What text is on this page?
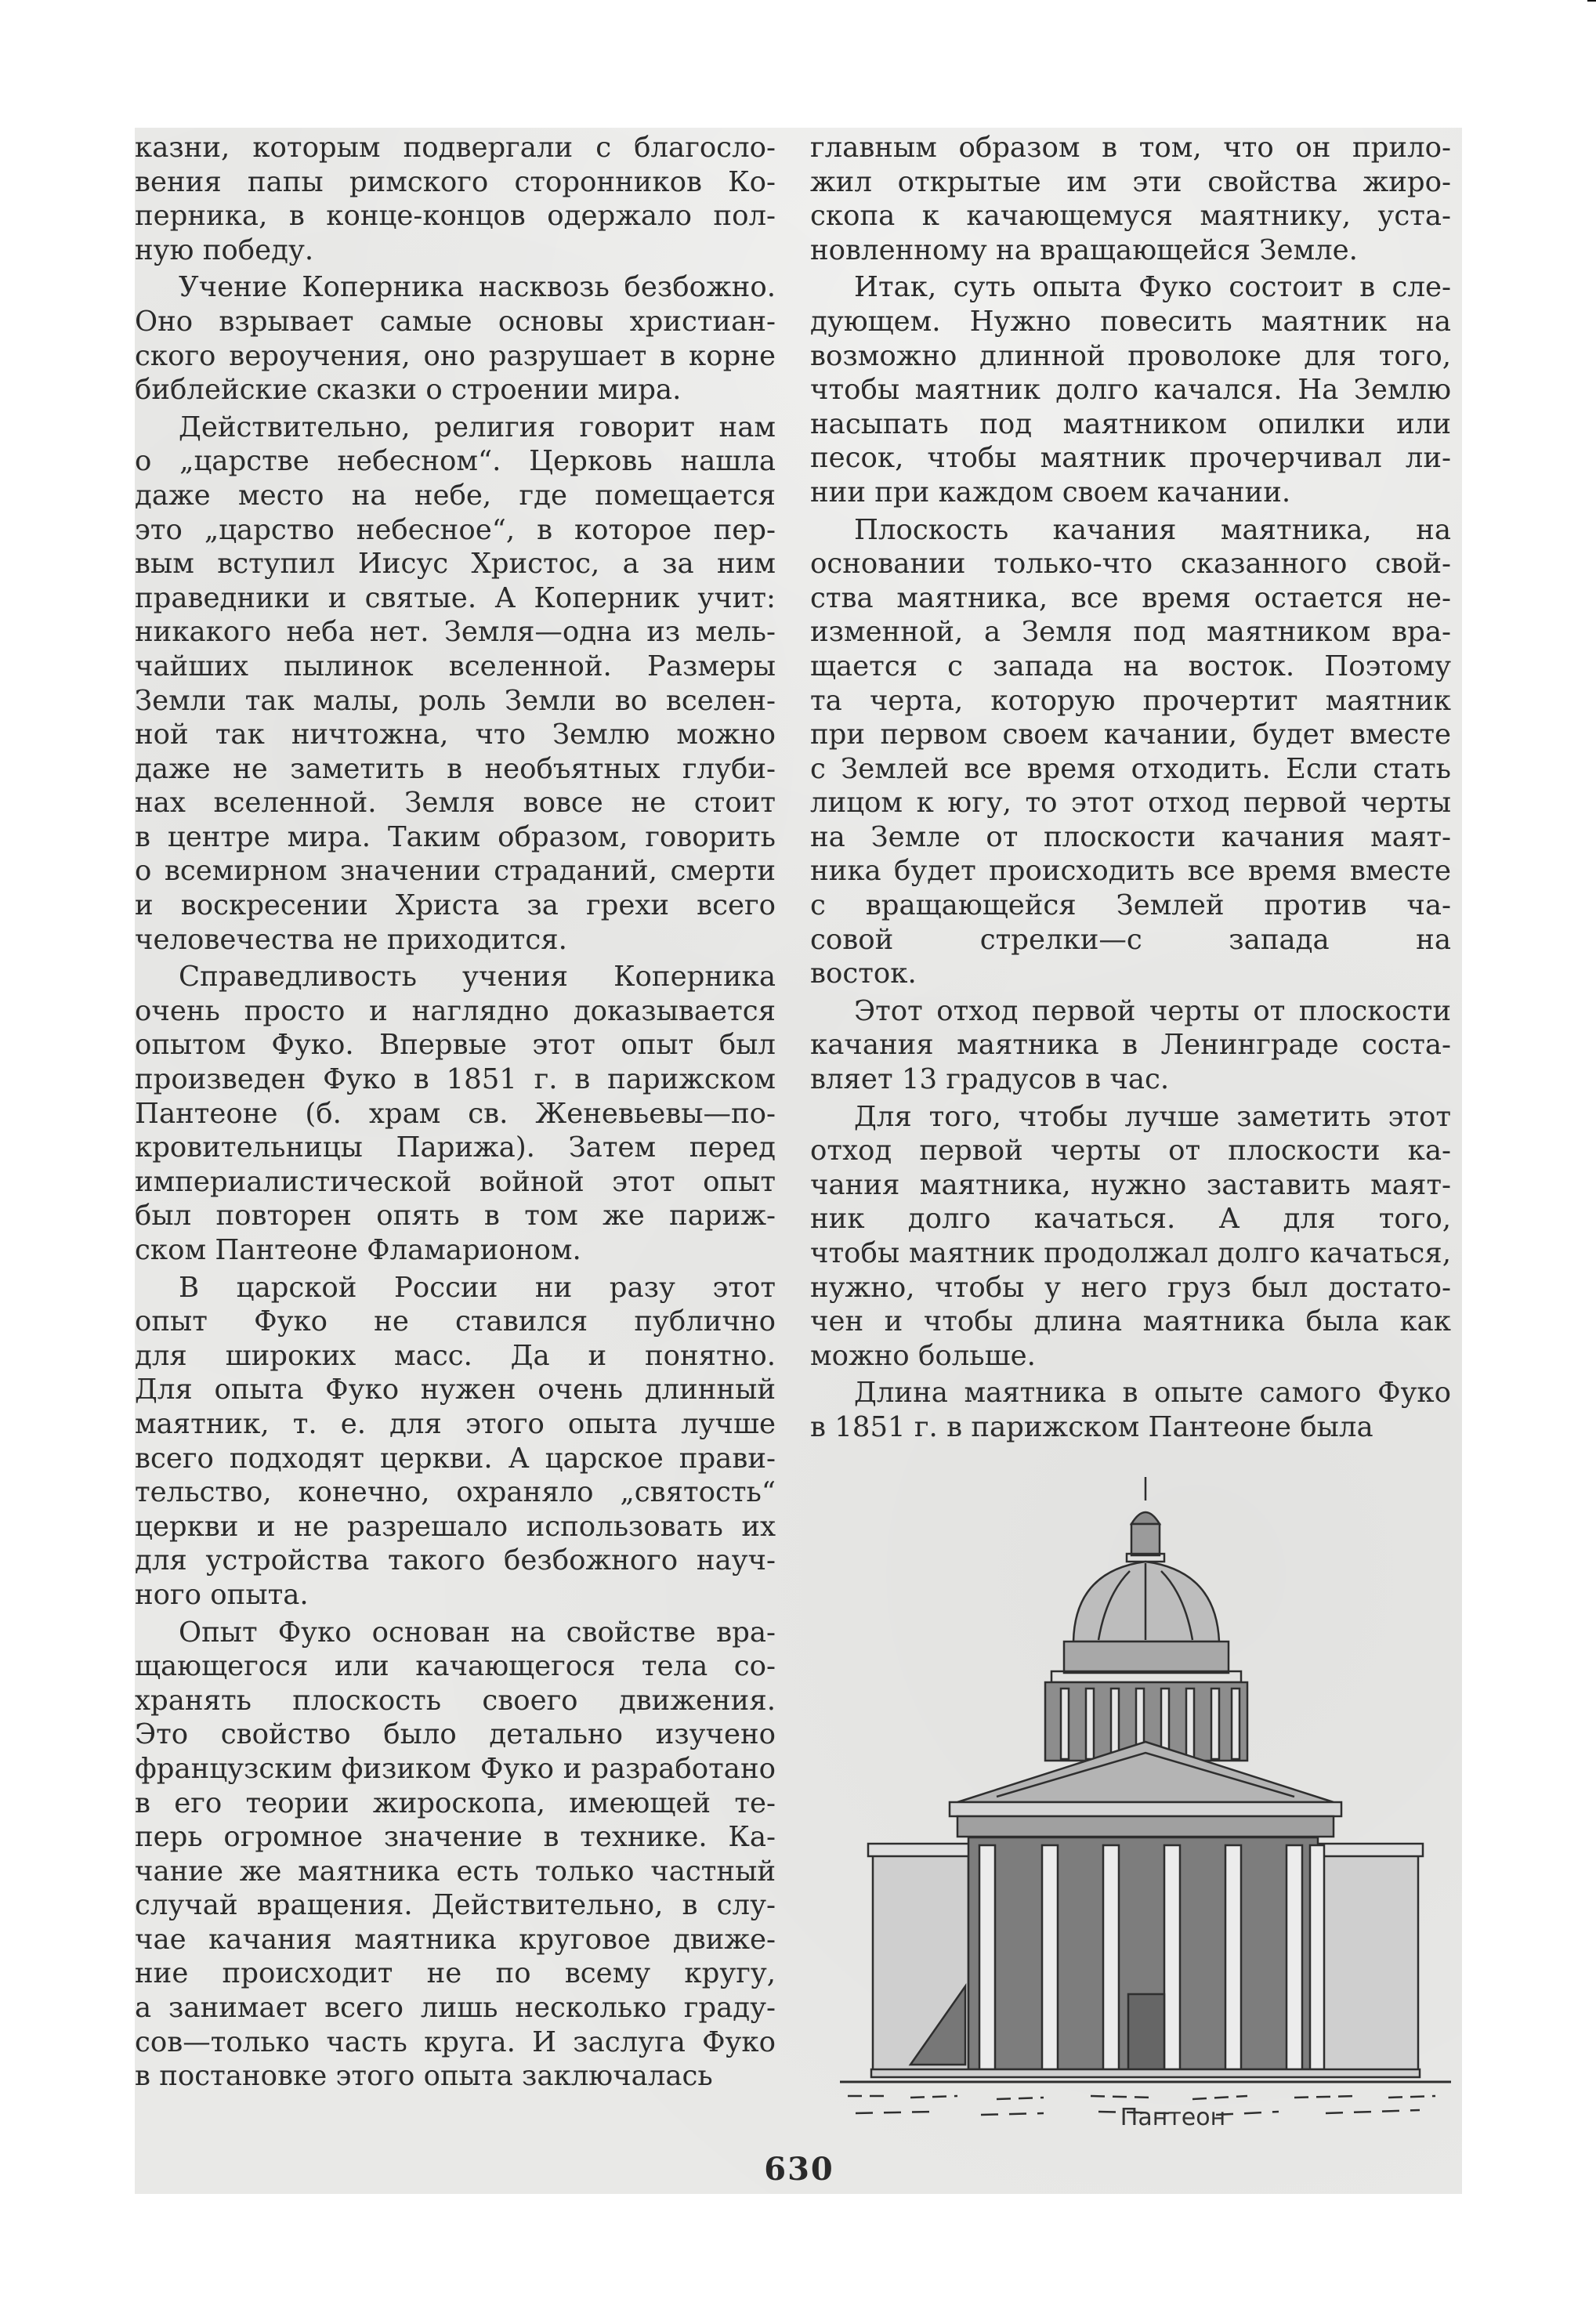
казни, которым подвергали с благосло-
вения папы римского сторонников Ко-
перника, в конце-концов одержало пол-
ную победу.
Учение Коперника насквозь безбожно.
Оно взрывает самые основы христиан-
ского вероучения, оно разрушает в корне
библейские сказки о строении мира.
Действительно, религия говорит нам
о „царстве небесном“. Церковь нашла
даже место на небе, где помещается
это „царство небесное“, в которое пер-
вым вступил Иисус Христос, а за ним
праведники и святые. А Коперник учит:
никакого неба нет. Земля—одна из мель-
чайших пылинок вселенной. Размеры
Земли так малы, роль Земли во вселен-
ной так ничтожна, что Землю можно
даже не заметить в необъятных глуби-
нах вселенной. Земля вовсе не стоит
в центре мира. Таким образом, говорить
о всемирном значении страданий, смерти
и воскресении Христа за грехи всего
человечества не приходится.
Справедливость учения Коперника
очень просто и наглядно доказывается
опытом Фуко. Впервые этот опыт был
произведен Фуко в 1851 г. в парижском
Пантеоне (б. храм св. Женевьевы—по-
кровительницы Парижа). Затем перед
империалистической войной этот опыт
был повторен опять в том же париж-
ском Пантеоне Фламарионом.
В царской России ни разу этот
опыт Фуко не ставился публично
для широких масс. Да и понятно.
Для опыта Фуко нужен очень длинный
маятник, т. е. для этого опыта лучше
всего подходят церкви. А царское прави-
тельство, конечно, охраняло „святость“
церкви и не разрешало использовать их
для устройства такого безбожного науч-
ного опыта.
Опыт Фуко основан на свойстве вра-
щающегося или качающегося тела со-
хранять плоскость своего движения.
Это свойство было детально изучено
французским физиком Фуко и разработано
в его теории жироскопа, имеющей те-
перь огромное значение в технике. Ка-
чание же маятника есть только частный
случай вращения. Действительно, в слу-
чае качания маятника круговое движе-
ние происходит не по всему кругу,
а занимает всего лишь несколько граду-
сов—только часть круга. И заслуга Фуко
в постановке этого опыта заключалась
главным образом в том, что он прило-
жил открытые им эти свойства жиро-
скопа к качающемуся маятнику, уста-
новленному на вращающейся Земле.
Итак, суть опыта Фуко состоит в сле-
дующем. Нужно повесить маятник на
возможно длинной проволоке для того,
чтобы маятник долго качался. На Землю
насыпать под маятником опилки или
песок, чтобы маятник прочерчивал ли-
нии при каждом своем качании.
Плоскость качания маятника, на
основании только-что сказанного свой-
ства маятника, все время остается не-
изменной, а Земля под маятником вра-
щается с запада на восток. Поэтому
та черта, которую прочертит маятник
при первом своем качании, будет вместе
с Землей все время отходить. Если стать
лицом к югу, то этот отход первой черты
на Земле от плоскости качания маят-
ника будет происходить все время вместе
с вращающейся Землей против ча-
совой стрелки—с запада на
восток.
Этот отход первой черты от плоскости
качания маятника в Ленинграде соста-
вляет 13 градусов в час.
Для того, чтобы лучше заметить этот
отход первой черты от плоскости ка-
чания маятника, нужно заставить маят-
ник долго качаться. А для того,
чтобы маятник продолжал долго качаться,
нужно, чтобы у него груз был достато-
чен и чтобы длина маятника была как
можно больше.
Длина маятника в опыте самого Фуко
в 1851 г. в парижском Пантеоне была
Пантеон
630
